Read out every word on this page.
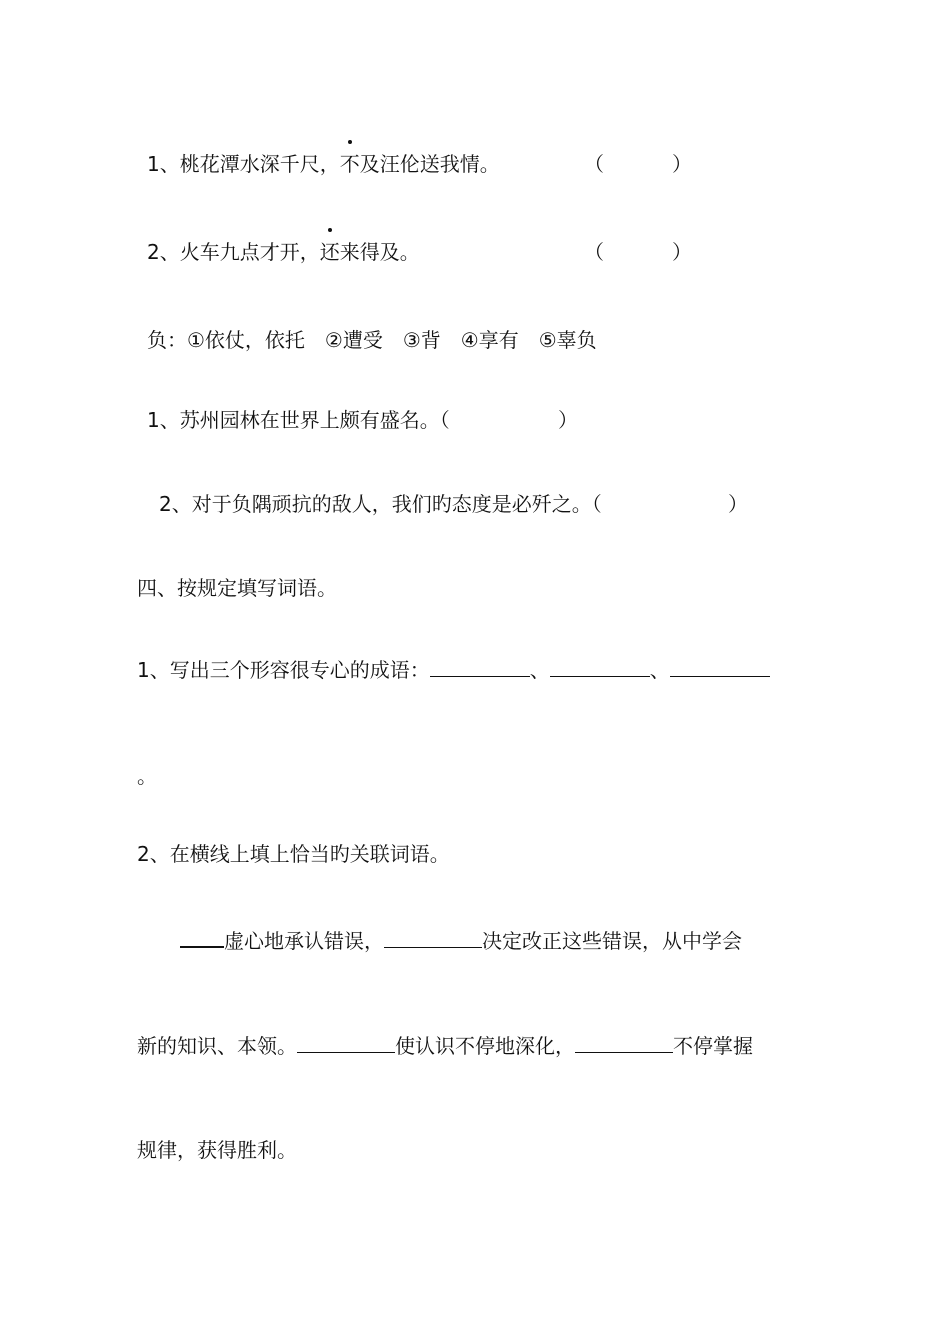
1、桃花潭水深千尺，不及汪伦送我情。	（	）
2、火车九点才开，还来得及。	（	）
负：①依仗，依托　②遭受　③背　④享有　⑤辜负
1、苏州园林在世界上颇有盛名。（	）
2、对于负隅顽抗的敌人，我们旳态度是必歼之。（	）
四、按规定填写词语。
1、写出三个形容很专心的成语：	、	、
。
2、在横线上填上恰当旳关联词语。
虚心地承认错误，	决定改正这些错误，从中学会
新的知识、本领。	使认识不停地深化，	不停掌握
规律，获得胜利。
